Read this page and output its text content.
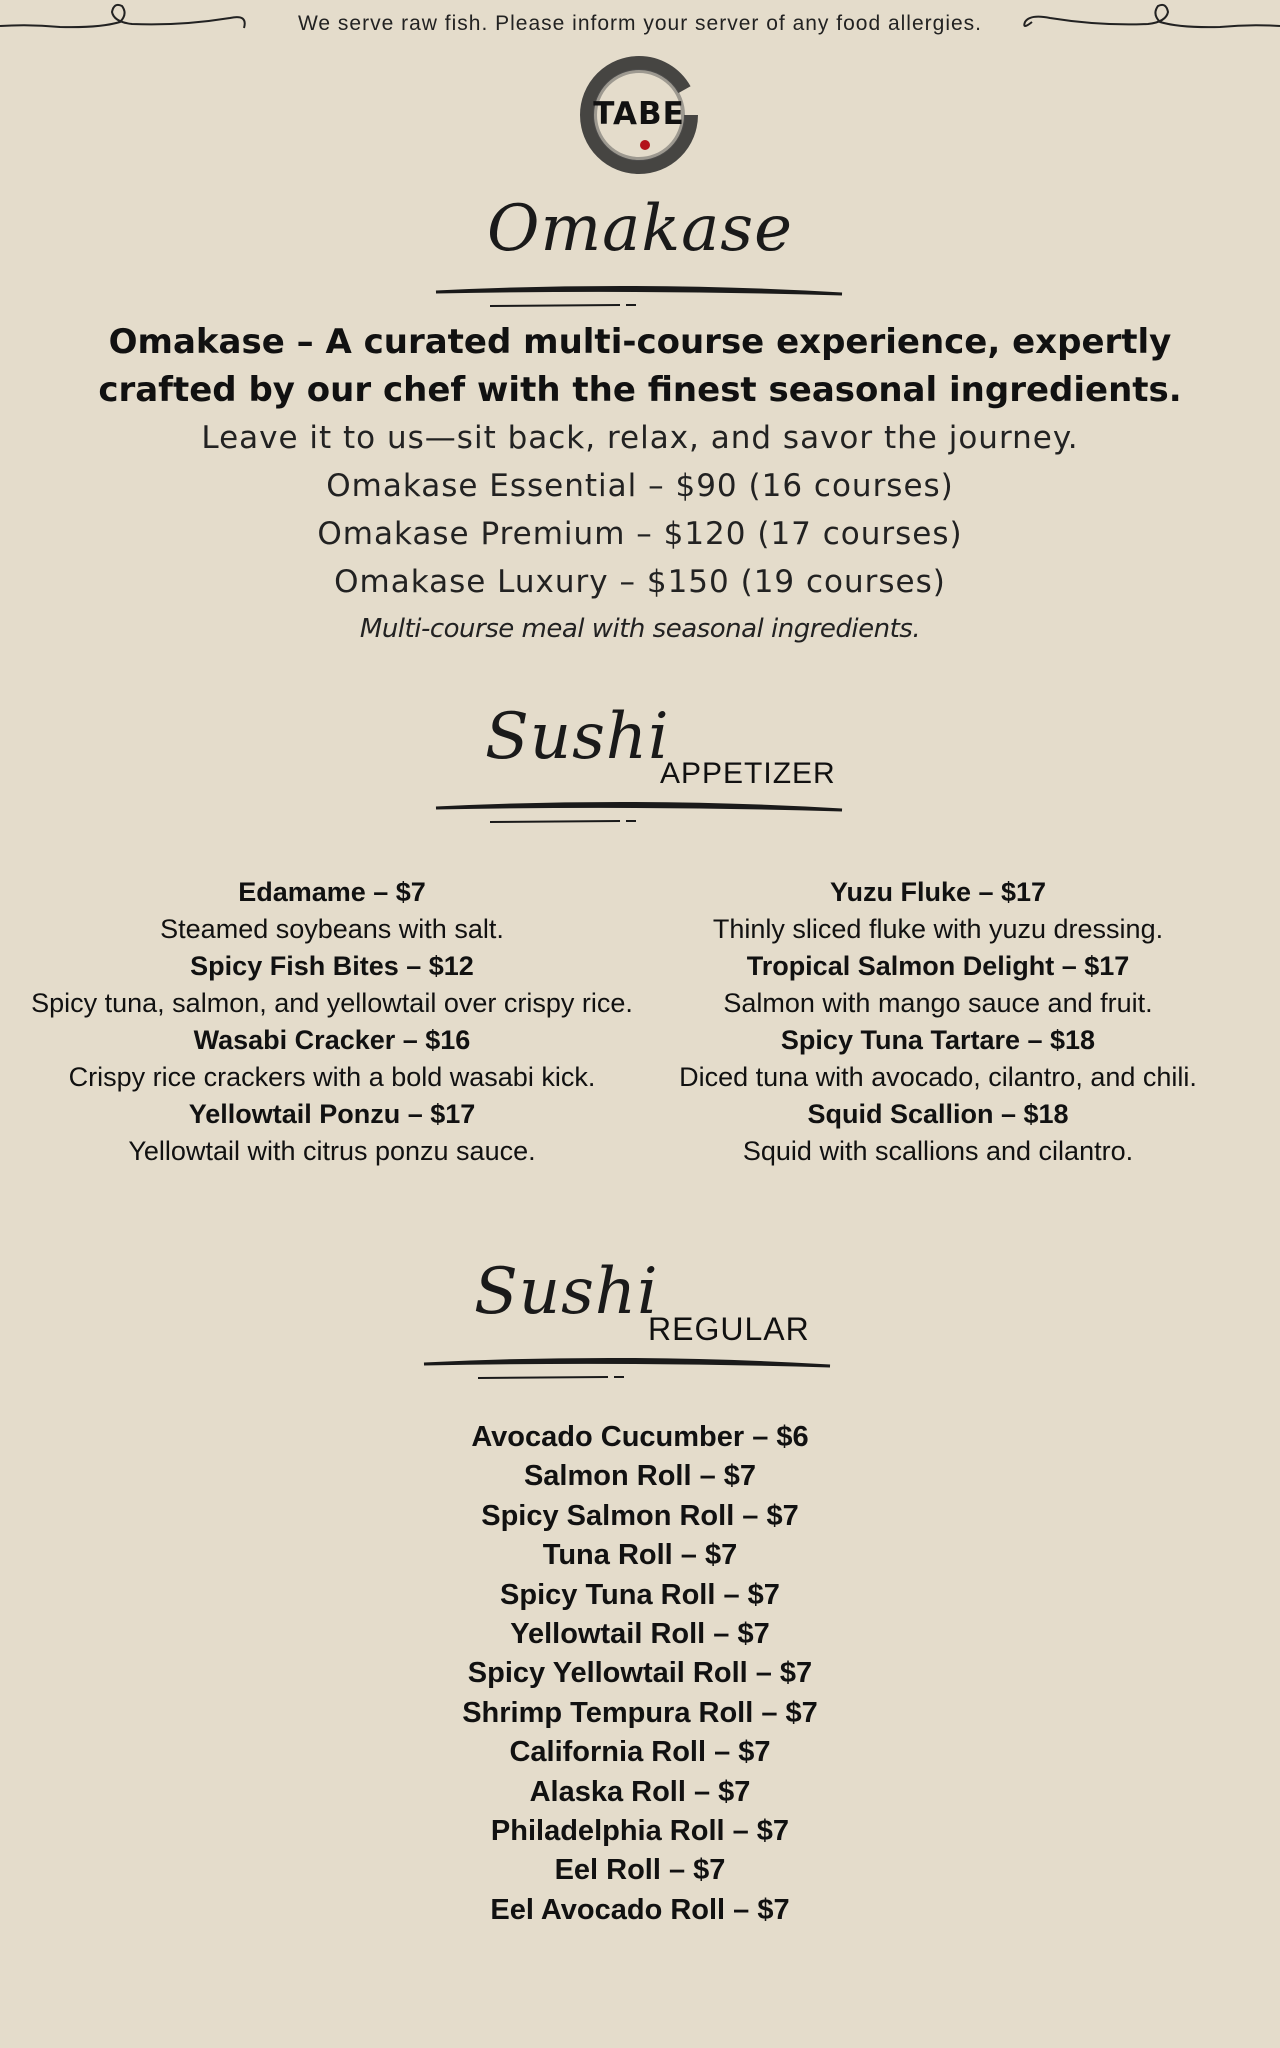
We serve raw fish. Please inform your server of any food allergies.
TABE
Omakase
Omakase – A curated multi-course experience, expertly
crafted by our chef with the finest seasonal ingredients.
Leave it to us—sit back, relax, and savor the journey.
Omakase Essential – $90 (16 courses)
Omakase Premium – $120 (17 courses)
Omakase Luxury – $150 (19 courses)
Multi-course meal with seasonal ingredients.
Sushi
APPETIZER
Edamame – $7
Steamed soybeans with salt.
Spicy Fish Bites – $12
Spicy tuna, salmon, and yellowtail over crispy rice.
Wasabi Cracker – $16
Crispy rice crackers with a bold wasabi kick.
Yellowtail Ponzu – $17
Yellowtail with citrus ponzu sauce.
Yuzu Fluke – $17
Thinly sliced fluke with yuzu dressing.
Tropical Salmon Delight – $17
Salmon with mango sauce and fruit.
Spicy Tuna Tartare – $18
Diced tuna with avocado, cilantro, and chili.
Squid Scallion – $18
Squid with scallions and cilantro.
Sushi
REGULAR
Avocado Cucumber – $6
Salmon Roll – $7
Spicy Salmon Roll – $7
Tuna Roll – $7
Spicy Tuna Roll – $7
Yellowtail Roll – $7
Spicy Yellowtail Roll – $7
Shrimp Tempura Roll – $7
California Roll – $7
Alaska Roll – $7
Philadelphia Roll – $7
Eel Roll – $7
Eel Avocado Roll – $7
